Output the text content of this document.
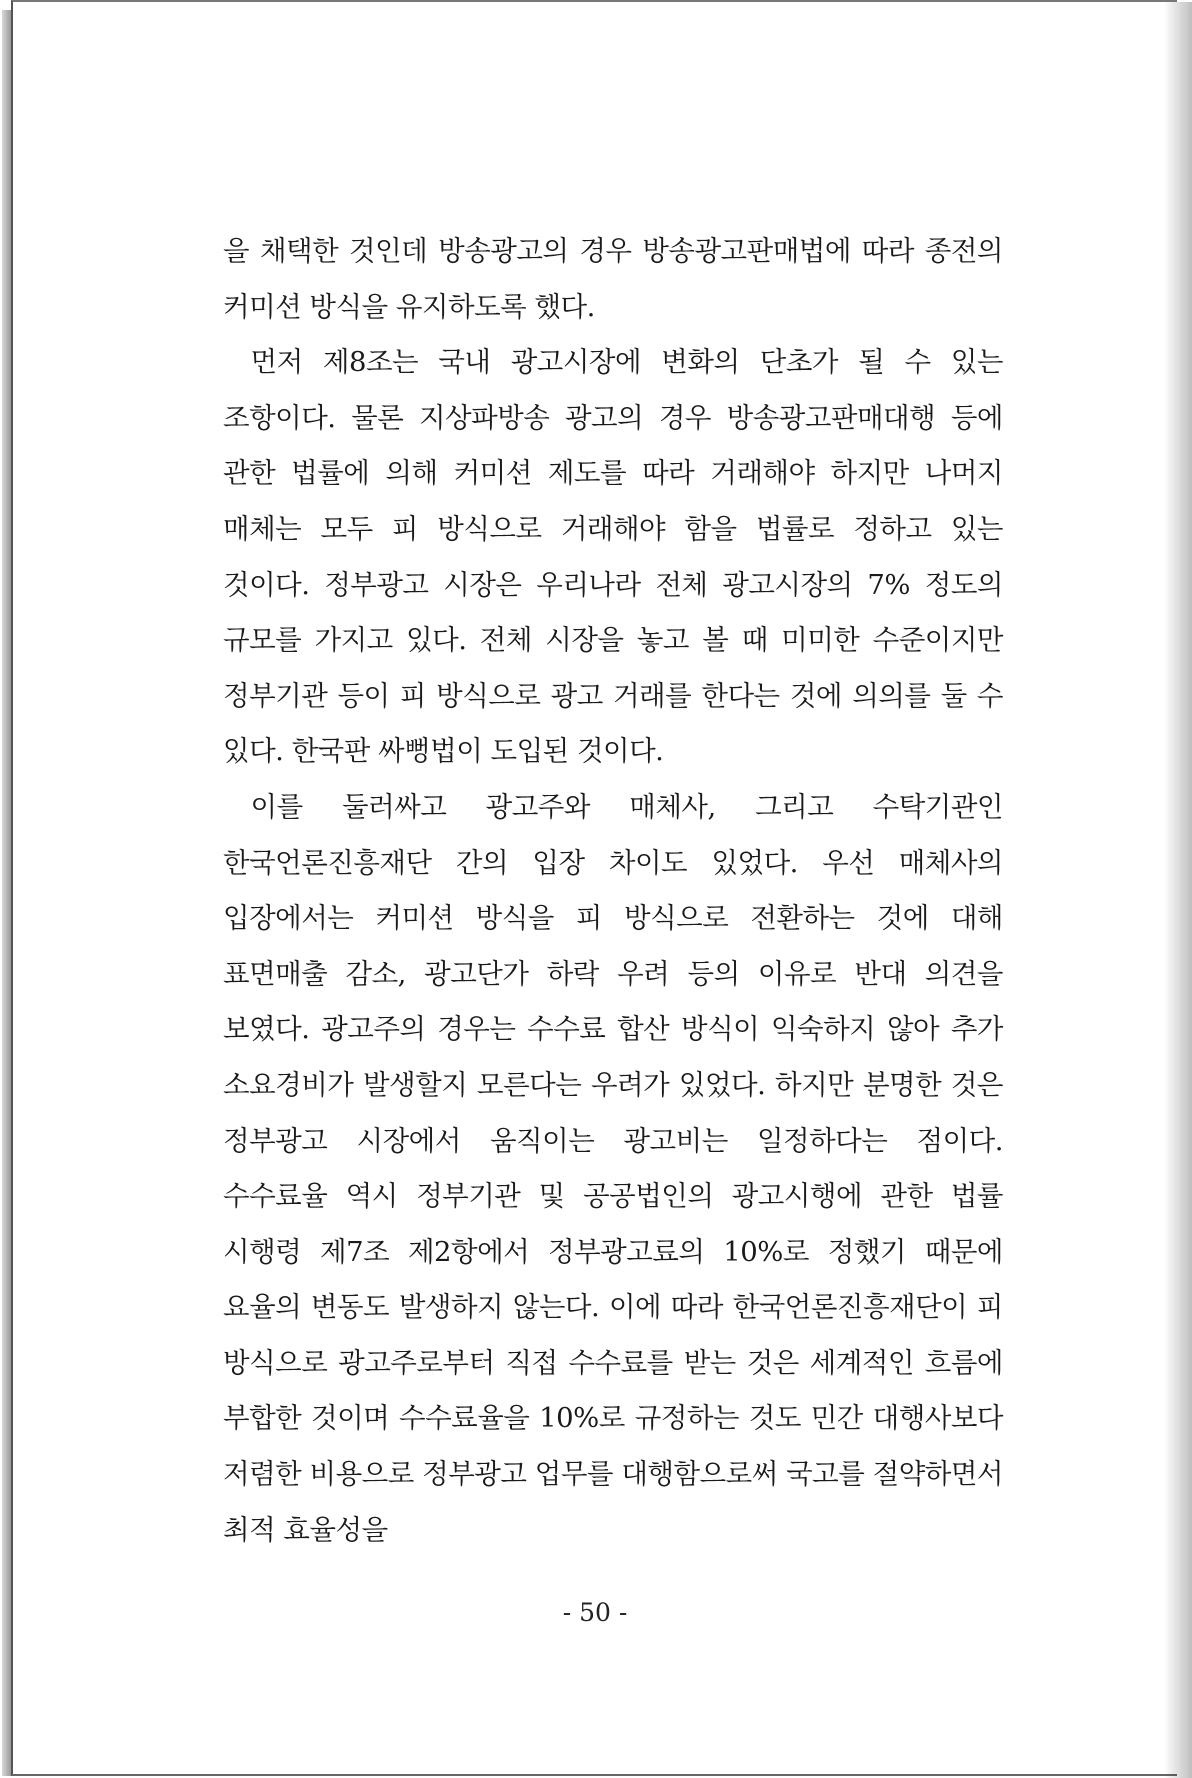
을 채택한 것인데 방송광고의 경우 방송광고판매법에 따라 종전의 커미션 방식을 유지하도록 했다.

먼저 제8조는 국내 광고시장에 변화의 단초가 될 수 있는 조항이다. 물론 지상파방송 광고의 경우 방송광고판매대행 등에 관한 법률에 의해 커미션 제도를 따라 거래해야 하지만 나머지 매체는 모두 피 방식으로 거래해야 함을 법률로 정하고 있는 것이다. 정부광고 시장은 우리나라 전체 광고시장의 7% 정도의 규모를 가지고 있다. 전체 시장을 놓고 볼 때 미미한 수준이지만 정부기관 등이 피 방식으로 광고 거래를 한다는 것에 의의를 둘 수 있다. 한국판 싸뻥법이 도입된 것이다.

이를 둘러싸고 광고주와 매체사, 그리고 수탁기관인 한국언론진흥재단 간의 입장 차이도 있었다. 우선 매체사의 입장에서는 커미션 방식을 피 방식으로 전환하는 것에 대해 표면매출 감소, 광고단가 하락 우려 등의 이유로 반대 의견을 보였다. 광고주의 경우는 수수료 합산 방식이 익숙하지 않아 추가 소요경비가 발생할지 모른다는 우려가 있었다. 하지만 분명한 것은 정부광고 시장에서 움직이는 광고비는 일정하다는 점이다. 수수료율 역시 정부기관 및 공공법인의 광고시행에 관한 법률 시행령 제7조 제2항에서 정부광고료의 10%로 정했기 때문에 요율의 변동도 발생하지 않는다. 이에 따라 한국언론진흥재단이 피 방식으로 광고주로부터 직접 수수료를 받는 것은 세계적인 흐름에 부합한 것이며 수수료율을 10%로 규정하는 것도 민간 대행사보다 저렴한 비용으로 정부광고 업무를 대행함으로써 국고를 절약하면서 최적 효율성을

- 50 -
